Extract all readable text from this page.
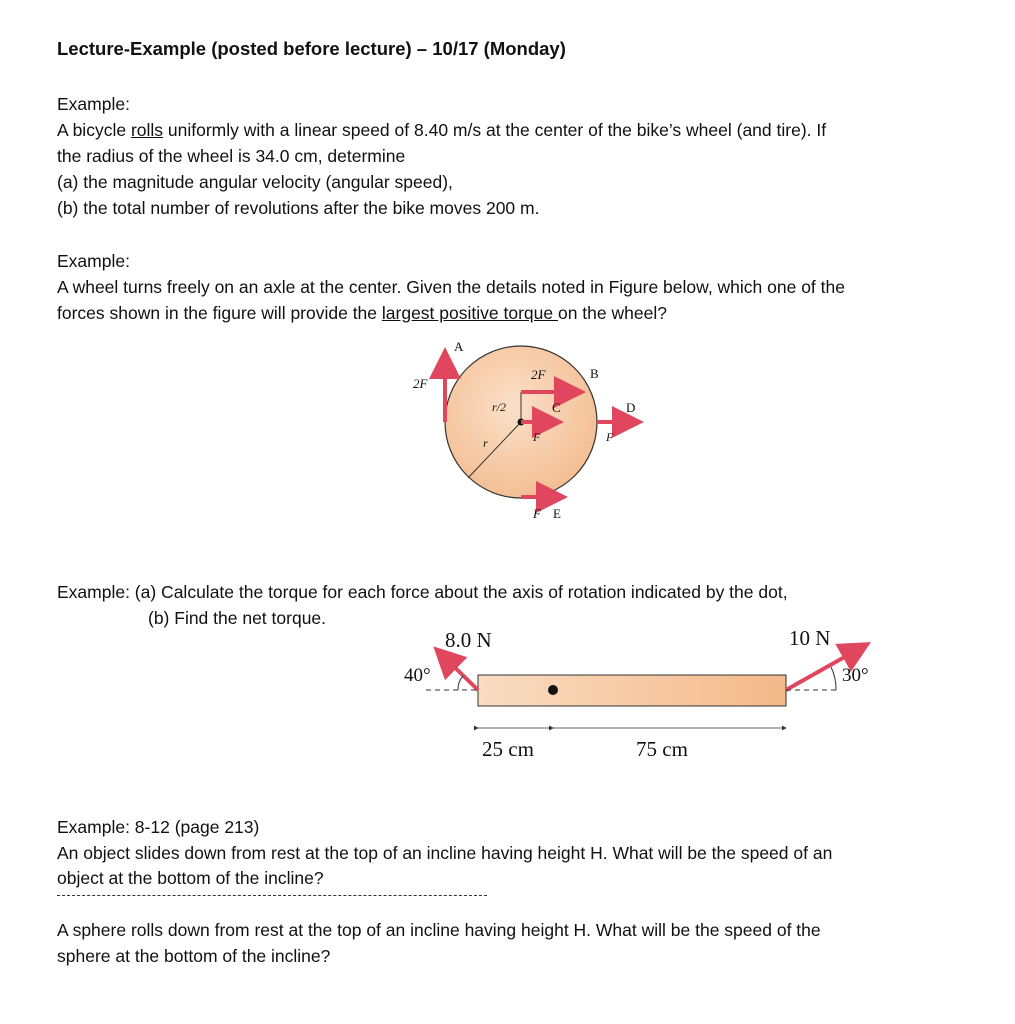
Lecture-Example (posted before lecture) – 10/17 (Monday)

Example:

A bicycle rolls uniformly with a linear speed of 8.40 m/s at the center of the bike’s wheel (and tire). If

the radius of the wheel is 34.0 cm, determine

(a) the magnitude angular velocity (angular speed),

(b) the total number of revolutions after the bike moves 200 m.

Example:

A wheel turns freely on an axle at the center. Given the details noted in Figure below, which one of the

forces shown in the figure will provide the largest positive torque on the wheel?

A
2F
2F	B
r/2	C	D
F	F
r
F E

Example: (a) Calculate the torque for each force about the axis of rotation indicated by the dot,

(b) Find the net torque.

8.0 N
40°
10 N
30°
25 cm	75 cm

Example: 8-12 (page 213)

An object slides down from rest at the top of an incline having height H. What will be the speed of an

object at the bottom of the incline?

A sphere rolls down from rest at the top of an incline having height H. What will be the speed of the

sphere at the bottom of the incline?
